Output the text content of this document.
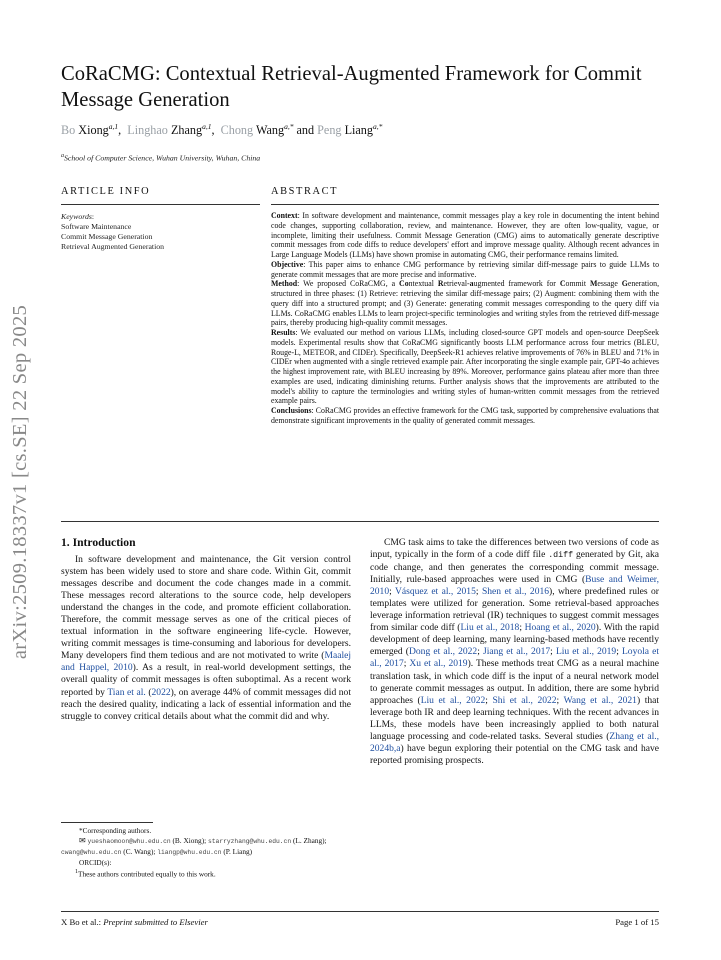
arXiv:2509.18337v1 [cs.SE] 22 Sep 2025
CoRaCMG: Contextual Retrieval-Augmented Framework for Commit Message Generation
Bo Xiong$^{a,1}$,  Linghao Zhang$^{a,1}$,  Chong Wang$^{a,*}$ and Peng Liang$^{a,*}$
$^a$School of Computer Science, Wuhan University, Wuhan, China
ARTICLE INFO	ABSTRACT
Keywords:
Software Maintenance
Commit Message Generation
Retrieval Augmented Generation

Context: In software development and maintenance, commit messages play a key role in documenting the intent behind code changes, supporting collaboration, review, and maintenance. However, they are often low-quality, vague, or incomplete, limiting their usefulness. Commit Message Generation (CMG) aims to automatically generate descriptive commit messages from code diffs to reduce developers' effort and improve message quality. Although recent advances in Large Language Models (LLMs) have shown promise in automating CMG, their performance remains limited.

Objective: This paper aims to enhance CMG performance by retrieving similar diff-message pairs to guide LLMs to generate commit messages that are more precise and informative.

Method: We proposed CoRaCMG, a Contextual Retrieval-augmented framework for Commit Message Generation, structured in three phases: (1) Retrieve: retrieving the similar diff-message pairs; (2) Augment: combining them with the query diff into a structured prompt; and (3) Generate: generating commit messages corresponding to the query diff via LLMs. CoRaCMG enables LLMs to learn project-specific terminologies and writing styles from the retrieved diff-message pairs, thereby producing high-quality commit messages.

Results: We evaluated our method on various LLMs, including closed-source GPT models and open-source DeepSeek models. Experimental results show that CoRaCMG significantly boosts LLM performance across four metrics (BLEU, Rouge-L, METEOR, and CIDEr). Specifically, DeepSeek-R1 achieves relative improvements of 76% in BLEU and 71% in CIDEr when augmented with a single retrieved example pair. After incorporating the single example pair, GPT-4o achieves the highest improvement rate, with BLEU increasing by 89%. Moreover, performance gains plateau after more than three examples are used, indicating diminishing returns. Further analysis shows that the improvements are attributed to the model's ability to capture the terminologies and writing styles of human-written commit messages from the retrieved example pairs.

Conclusions: CoRaCMG provides an effective framework for the CMG task, supported by comprehensive evaluations that demonstrate significant improvements in the quality of generated commit messages.

1. Introduction

In software development and maintenance, the Git version control system has been widely used to store and share code. Within Git, commit messages describe and document the code changes made in a commit. These messages record alterations to the source code, help developers understand the changes in the code, and promote efficient collaboration. Therefore, the commit message serves as one of the critical pieces of textual information in the software engineering life-cycle. However, writing commit messages is time-consuming and laborious for developers. Many developers find them tedious and are not motivated to write (Maalej and Happel, 2010). As a result, in real-world development settings, the overall quality of commit messages is often suboptimal. As a recent work reported by Tian et al. (2022), on average 44% of commit messages did not reach the desired quality, indicating a lack of essential information and the struggle to convey critical details about what the commit did and why.

*Corresponding authors.

✉ yueshaomoon@whu.edu.cn (B. Xiong); starryzhang@whu.edu.cn (L. Zhang); cwang@whu.edu.cn (C. Wang); liangp@whu.edu.cn (P. Liang)

ORCID(s):

$^1$These authors contributed equally to this work.

CMG task aims to take the differences between two versions of code as input, typically in the form of a code diff file .diff generated by Git, aka code change, and then generates the corresponding commit message. Initially, rule-based approaches were used in CMG (Buse and Weimer, 2010; Vásquez et al., 2015; Shen et al., 2016), where predefined rules or templates were utilized for generation. Some retrieval-based approaches leverage information retrieval (IR) techniques to suggest commit messages from similar code diff (Liu et al., 2018; Hoang et al., 2020). With the rapid development of deep learning, many learning-based methods have recently emerged (Dong et al., 2022; Jiang et al., 2017; Liu et al., 2019; Loyola et al., 2017; Xu et al., 2019). These methods treat CMG as a neural machine translation task, in which code diff is the input of a neural network model to generate commit messages as output. In addition, there are some hybrid approaches (Liu et al., 2022; Shi et al., 2022; Wang et al., 2021) that leverage both IR and deep learning techniques. With the recent advances in LLMs, these models have been increasingly applied to both natural language processing and code-related tasks. Several studies (Zhang et al., 2024b,a) have begun exploring their potential on the CMG task and have reported promising prospects.

X Bo et al.: Preprint submitted to Elsevier	Page 1 of 15
